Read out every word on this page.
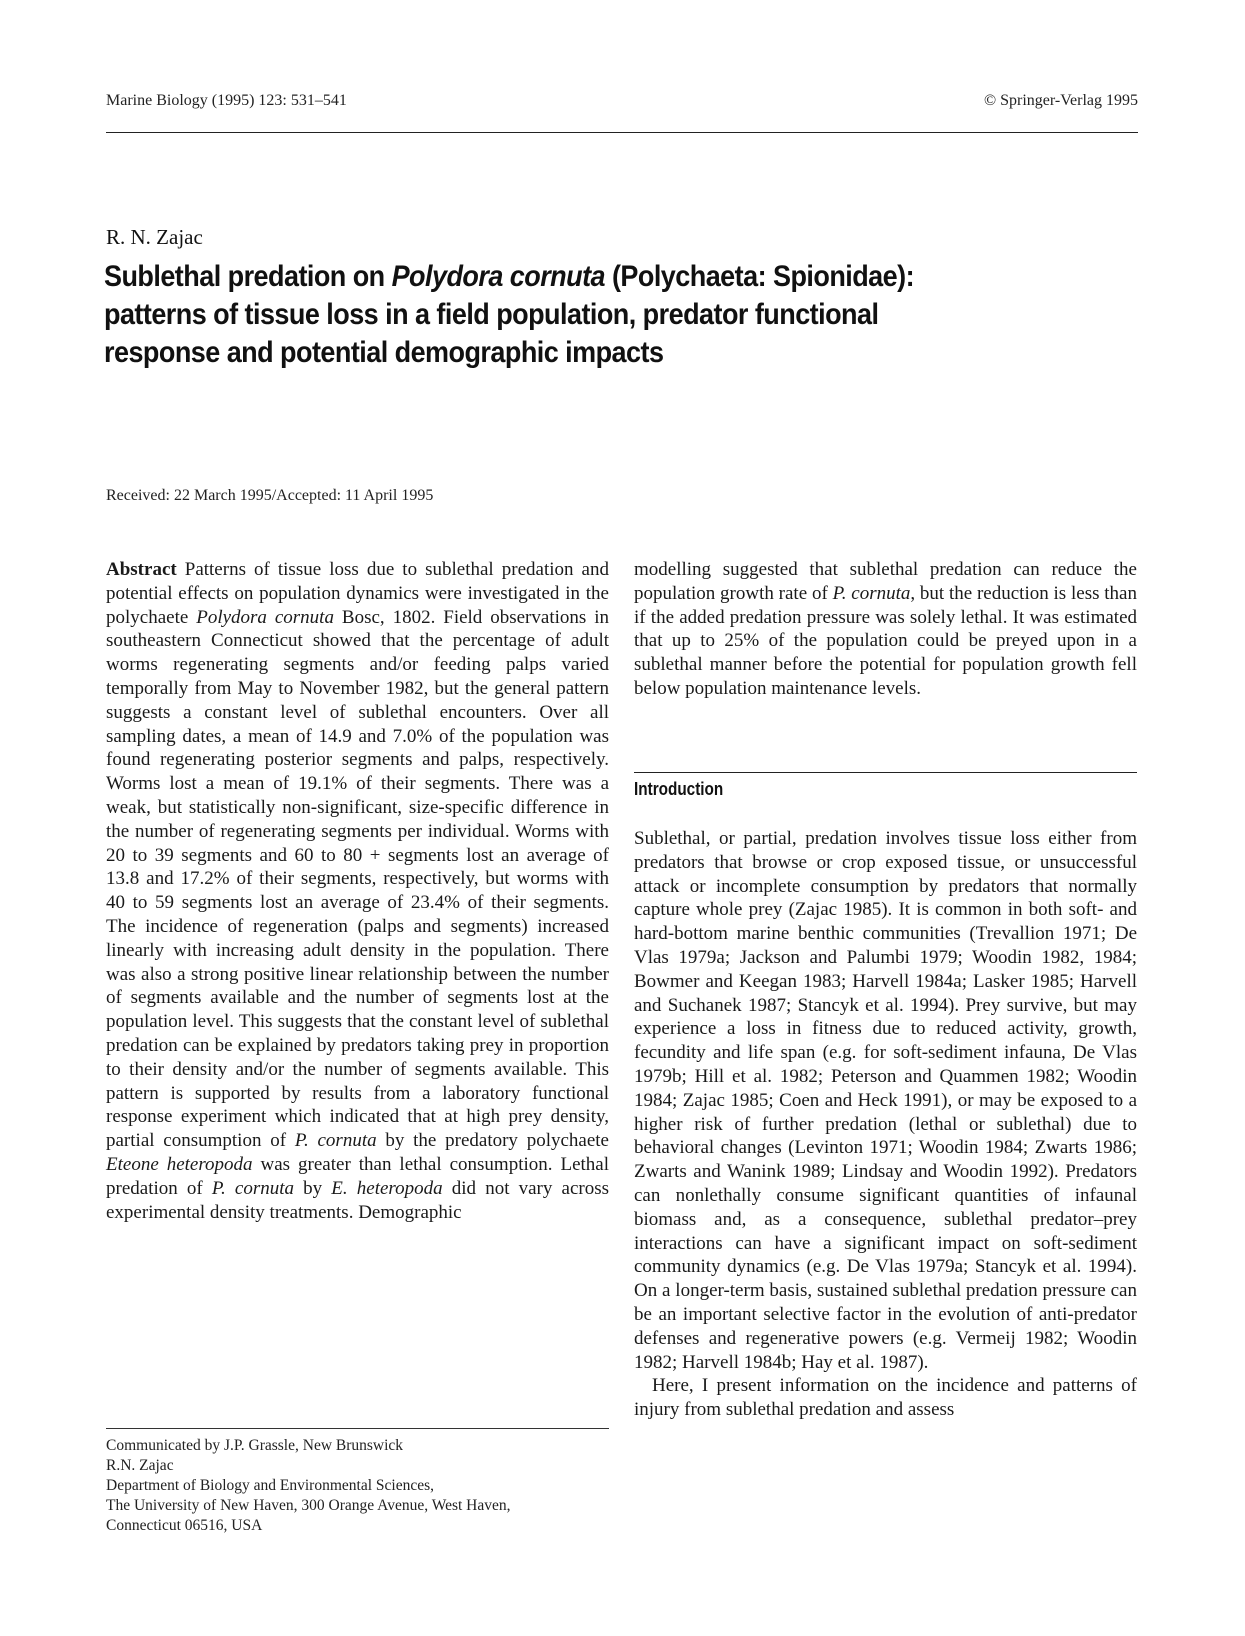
Marine Biology (1995) 123: 531–541	© Springer-Verlag 1995
R. N. Zajac
Sublethal predation on Polydora cornuta (Polychaeta: Spionidae):
patterns of tissue loss in a field population, predator functional
response and potential demographic impacts
Received: 22 March 1995/Accepted: 11 April 1995

Abstract Patterns of tissue loss due to sublethal predation and potential effects on population dynamics were investigated in the polychaete Polydora cornuta Bosc, 1802. Field observations in southeastern Connecticut showed that the percentage of adult worms regenerating segments and/or feeding palps varied temporally from May to November 1982, but the general pattern suggests a constant level of sublethal encounters. Over all sampling dates, a mean of 14.9 and 7.0% of the population was found regenerating posterior segments and palps, respectively. Worms lost a mean of 19.1% of their segments. There was a weak, but statistically non-significant, size-specific difference in the number of regenerating segments per individual. Worms with 20 to 39 segments and 60 to 80 + segments lost an average of 13.8 and 17.2% of their segments, respectively, but worms with 40 to 59 segments lost an average of 23.4% of their segments. The incidence of regeneration (palps and segments) increased linearly with increasing adult density in the population. There was also a strong positive linear relationship between the number of segments available and the number of segments lost at the population level. This suggests that the constant level of sublethal predation can be explained by predators taking prey in proportion to their density and/or the number of segments available. This pattern is supported by results from a laboratory functional response experiment which indicated that at high prey density, partial consumption of P. cornuta by the predatory polychaete Eteone heteropoda was greater than lethal consumption. Lethal predation of P. cornuta by E. heteropoda did not vary across experimental density treatments. Demographic

modelling suggested that sublethal predation can reduce the population growth rate of P. cornuta, but the reduction is less than if the added predation pressure was solely lethal. It was estimated that up to 25% of the population could be preyed upon in a sublethal manner before the potential for population growth fell below population maintenance levels.

Introduction

Sublethal, or partial, predation involves tissue loss either from predators that browse or crop exposed tissue, or unsuccessful attack or incomplete consumption by predators that normally capture whole prey (Zajac 1985). It is common in both soft- and hard-bottom marine benthic communities (Trevallion 1971; De Vlas 1979a; Jackson and Palumbi 1979; Woodin 1982, 1984; Bowmer and Keegan 1983; Harvell 1984a; Lasker 1985; Harvell and Suchanek 1987; Stancyk et al. 1994). Prey survive, but may experience a loss in fitness due to reduced activity, growth, fecundity and life span (e.g. for soft-sediment infauna, De Vlas 1979b; Hill et al. 1982; Peterson and Quammen 1982; Woodin 1984; Zajac 1985; Coen and Heck 1991), or may be exposed to a higher risk of further predation (lethal or sublethal) due to behavioral changes (Levinton 1971; Woodin 1984; Zwarts 1986; Zwarts and Wanink 1989; Lindsay and Woodin 1992). Predators can nonlethally consume significant quantities of infaunal biomass and, as a consequence, sublethal predator–prey interactions can have a significant impact on soft-sediment community dynamics (e.g. De Vlas 1979a; Stancyk et al. 1994). On a longer-term basis, sustained sublethal predation pressure can be an important selective factor in the evolution of anti-predator defenses and regenerative powers (e.g. Vermeij 1982; Woodin 1982; Harvell 1984b; Hay et al. 1987).

Here, I present information on the incidence and patterns of injury from sublethal predation and assess

Communicated by J.P. Grassle, New Brunswick
R.N. Zajac
Department of Biology and Environmental Sciences,
The University of New Haven, 300 Orange Avenue, West Haven,
Connecticut 06516, USA
